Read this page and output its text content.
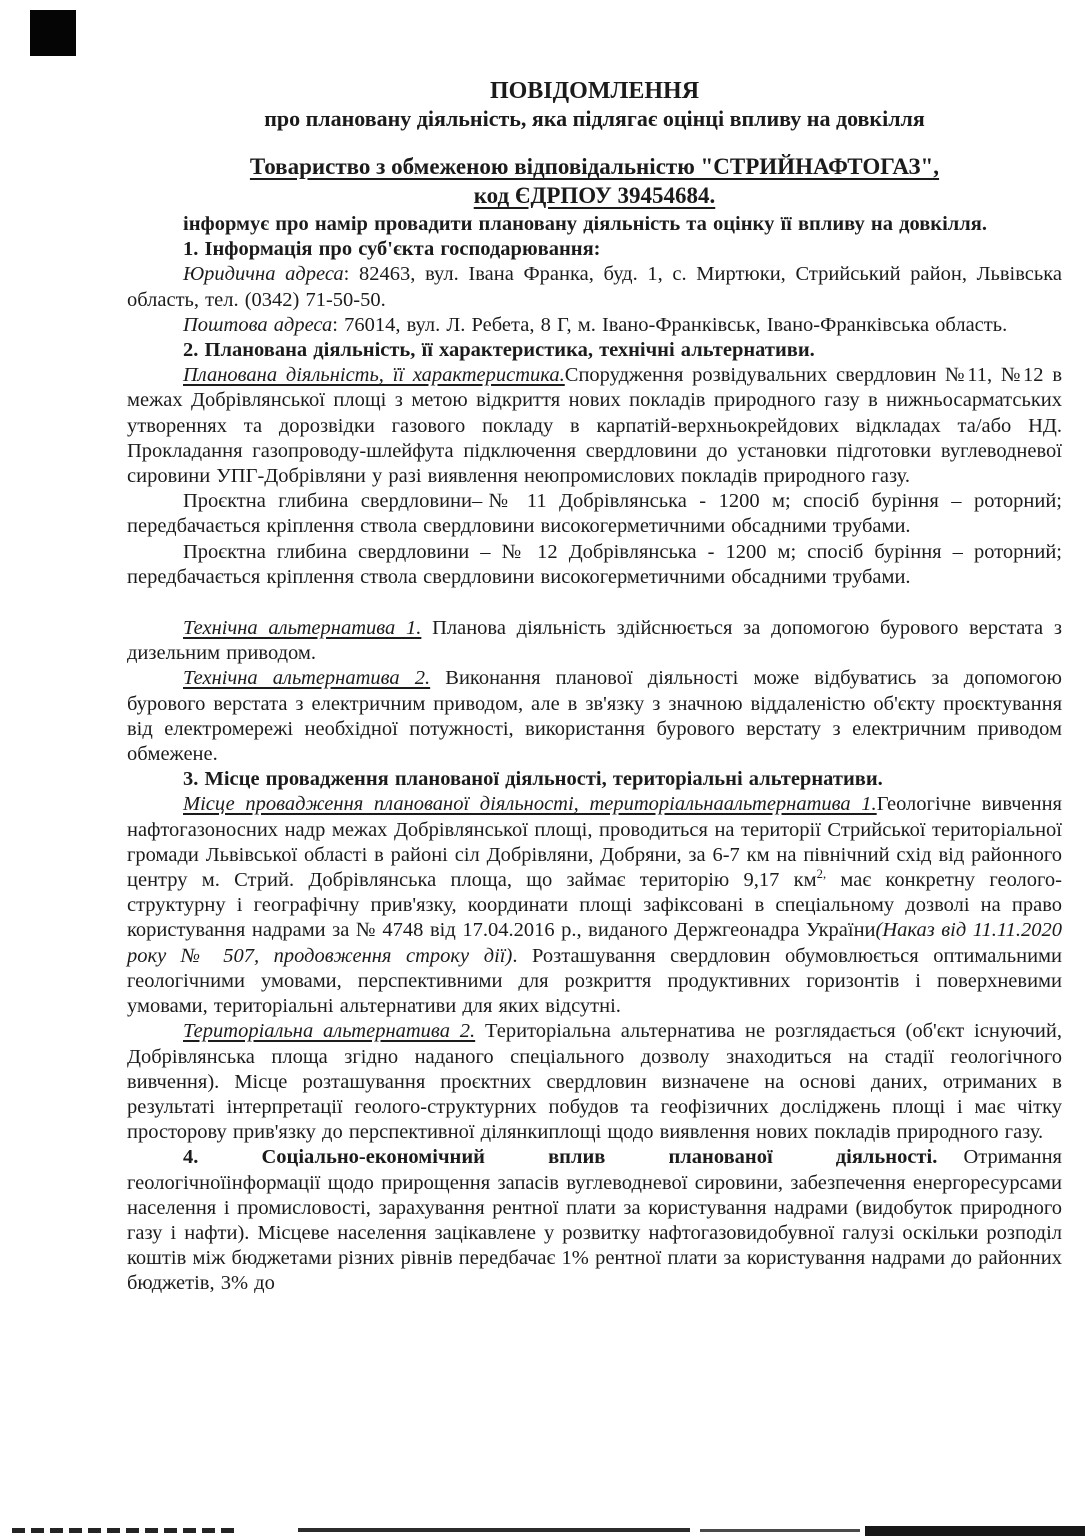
ПОВІДОМЛЕННЯ
про плановану діяльність, яка підлягає оцінці впливу на довкілля
Товариство з обмеженою відповідальністю "СТРИЙНАФТОГАЗ",
код ЄДРПОУ 39454684.

інформує про намір провадити плановану діяльність та оцінку її впливу на довкілля.

1. Інформація про суб'єкта господарювання:

Юридична адреса: 82463, вул. Івана Франка, буд. 1, с. Миртюки, Стрийський район, Львівська область, тел. (0342) 71-50-50.

Поштова адреса: 76014, вул. Л. Ребета, 8 Г, м. Івано-Франківськ, Івано-Франківська область.

2. Планована діяльність, її характеристика, технічні альтернативи.

Планована діяльність, її характеристика.Спорудження розвідувальних свердловин №11, №12 в межах Добрівлянської площі з метою відкриття нових покладів природного газу в нижньосарматських утвореннях та дорозвідки газового покладу в карпатій-верхньокрейдових відкладах та/або НД. Прокладання газопроводу-шлейфута підключення свердловини до установки підготовки вуглеводневої сировини УПГ-Добрівляни у разі виявлення неюпромислових покладів природного газу.

Проєктна глибина свердловини–№ 11 Добрівлянська - 1200 м; спосіб буріння – роторний; передбачається кріплення ствола свердловини високогерметичними обсадними трубами.

Проєктна глибина свердловини – № 12 Добрівлянська - 1200 м; спосіб буріння – роторний; передбачається кріплення ствола свердловини високогерметичними обсадними трубами.

Технічна альтернатива 1. Планова діяльність здійснюється за допомогою бурового верстата з дизельним приводом.

Технічна альтернатива 2. Виконання планової діяльності може відбуватись за допомогою бурового верстата з електричним приводом, але в зв'язку з значною віддаленістю об'єкту проєктування від електромережі необхідної потужності, використання бурового верстату з електричним приводом обмежене.

3. Місце провадження планованої діяльності, територіальні альтернативи.

Місце провадження планованої діяльності, територіальнаальтернатива 1.Геологічне вивчення нафтогазоносних надр межах Добрівлянської площі, проводиться на території Стрийської територіальної громади Львівської області в районі сіл Добрівляни, Добряни, за 6-7 км на північний схід від районного центру м. Стрий. Добрівлянська площа, що займає територію 9,17 $км^{2,}$ має конкретну геолого-структурну і географічну прив'язку, координати площі зафіксовані в спеціальному дозволі на право користування надрами за № 4748 від 17.04.2016 р., виданого Держгеонадра України(Наказ від 11.11.2020 року № 507, продовження строку дії). Розташування свердловин обумовлюється оптимальними геологічними умовами, перспективними для розкриття продуктивних горизонтів і поверхневими умовами, територіальні альтернативи для яких відсутні.

Територіальна альтернатива 2. Територіальна альтернатива не розглядається (об'єкт існуючий, Добрівлянська площа згідно наданого спеціального дозволу знаходиться на стадії геологічного вивчення). Місце розташування проєктних свердловин визначене на основі даних, отриманих в результаті інтерпретації геолого-структурних побудов та геофізичних досліджень площі і має чітку просторову прив'язку до перспективної ділянкиплощі щодо виявлення нових покладів природного газу.

4. Соціально-економічний вплив планованої діяльності. Отримання геологічноїінформації щодо прирощення запасів вуглеводневої сировини, забезпечення енергоресурсами населення і промисловості, зарахування рентної плати за користування надрами (видобуток природного газу і нафти). Місцеве населення зацікавлене у розвитку нафтогазовидобувної галузі оскільки розподіл коштів між бюджетами різних рівнів передбачає 1% рентної плати за користування надрами до районних бюджетів, 3% до
